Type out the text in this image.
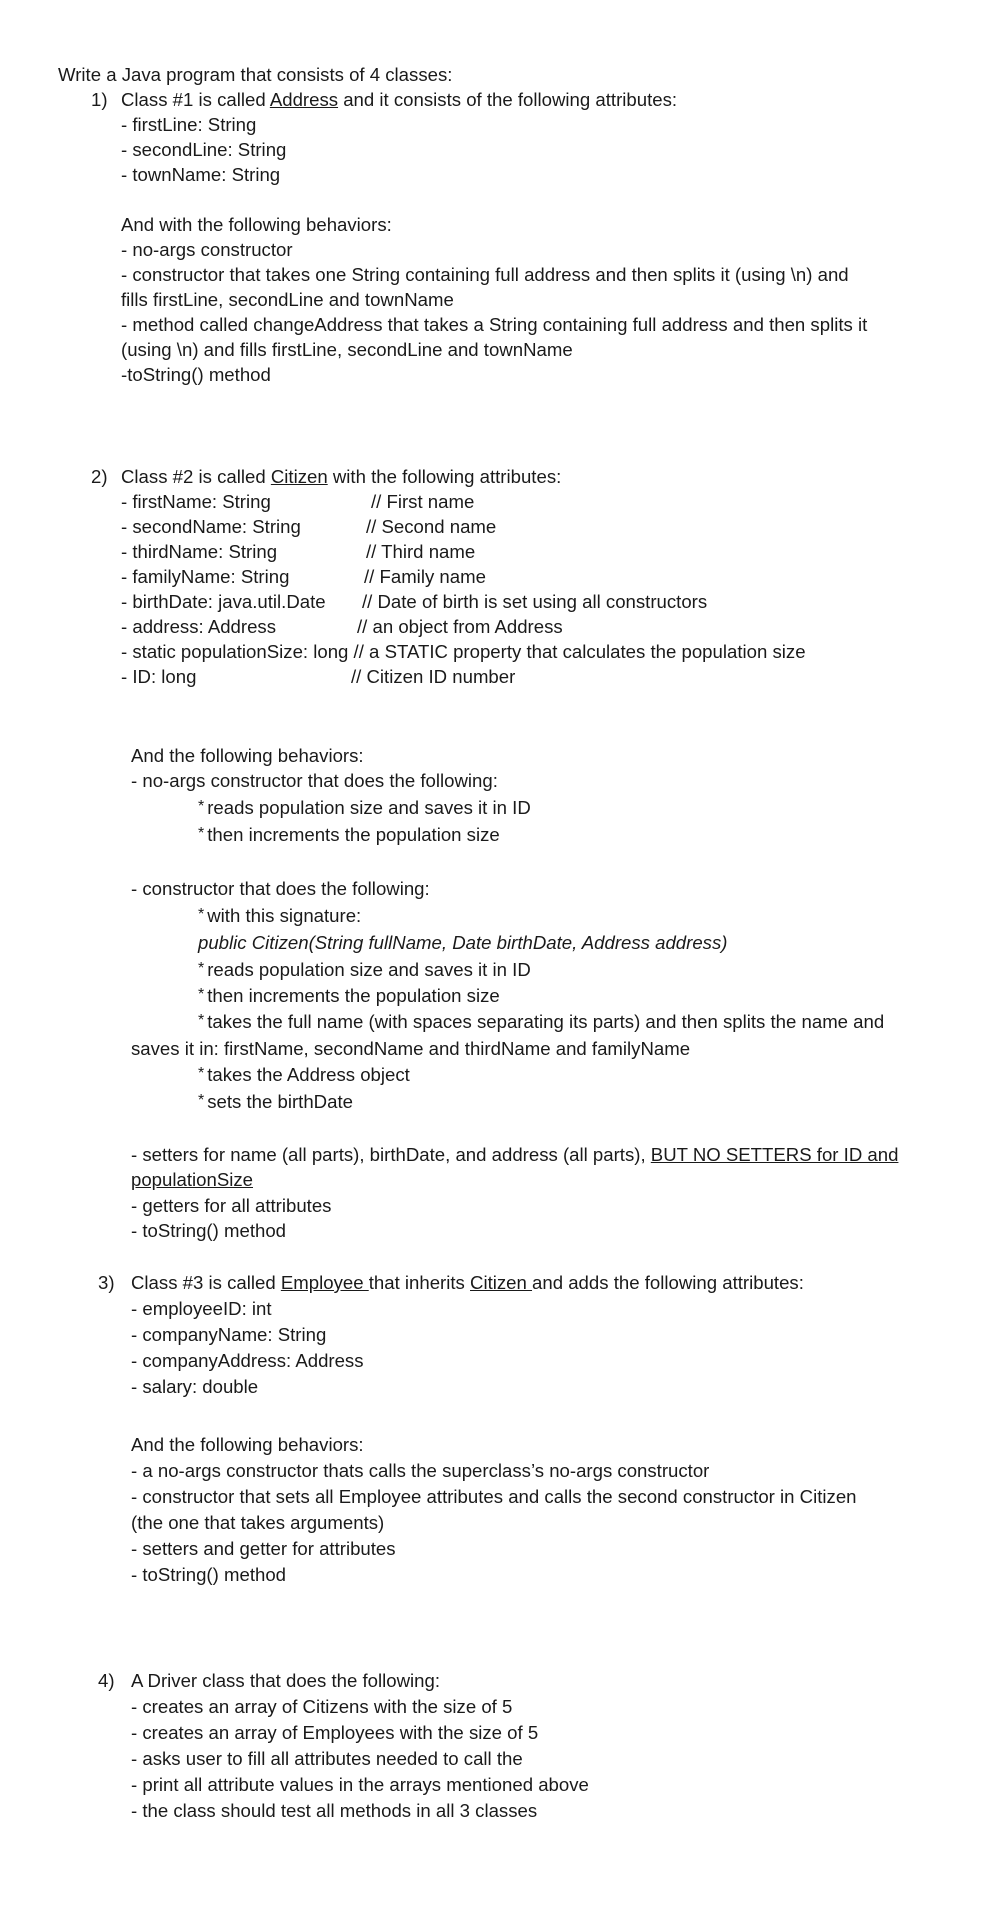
Write a Java program that consists of 4 classes:
1) Class #1 is called Address and it consists of the following attributes:
- firstLine: String
- secondLine: String
- townName: String
And with the following behaviors:
- no-args constructor
- constructor that takes one String containing full address and then splits it (using \n) and
fills firstLine, secondLine and townName
- method called changeAddress that takes a String containing full address and then splits it
(using \n) and fills firstLine, secondLine and townName
-toString() method
2) Class #2 is called Citizen with the following attributes:
- firstName: String	// First name
- secondName: String	// Second name
- thirdName: String	// Third name
- familyName: String	// Family name
- birthDate: java.util.Date // Date of birth is set using all constructors
- address: Address	// an object from Address
- static populationSize: long // a STATIC property that calculates the population size
- ID: long	// Citizen ID number
And the following behaviors:
- no-args constructor that does the following:
* reads population size and saves it in ID
* then increments the population size
- constructor that does the following:
* with this signature:
public Citizen(String fullName, Date birthDate, Address address)
* reads population size and saves it in ID
* then increments the population size
* takes the full name (with spaces separating its parts) and then splits the name and
saves it in: firstName, secondName and thirdName and familyName
* takes the Address object
* sets the birthDate
- setters for name (all parts), birthDate, and address (all parts), BUT NO SETTERS for ID and
populationSize
- getters for all attributes
- toString() method
3) Class #3 is called Employee that inherits Citizen and adds the following attributes:
- employeeID: int
- companyName: String
- companyAddress: Address
- salary: double
And the following behaviors:
- a no-args constructor thats calls the superclass’s no-args constructor
- constructor that sets all Employee attributes and calls the second constructor in Citizen
(the one that takes arguments)
- setters and getter for attributes
- toString() method
4) A Driver class that does the following:
- creates an array of Citizens with the size of 5
- creates an array of Employees with the size of 5
- asks user to fill all attributes needed to call the
- print all attribute values in the arrays mentioned above
- the class should test all methods in all 3 classes
